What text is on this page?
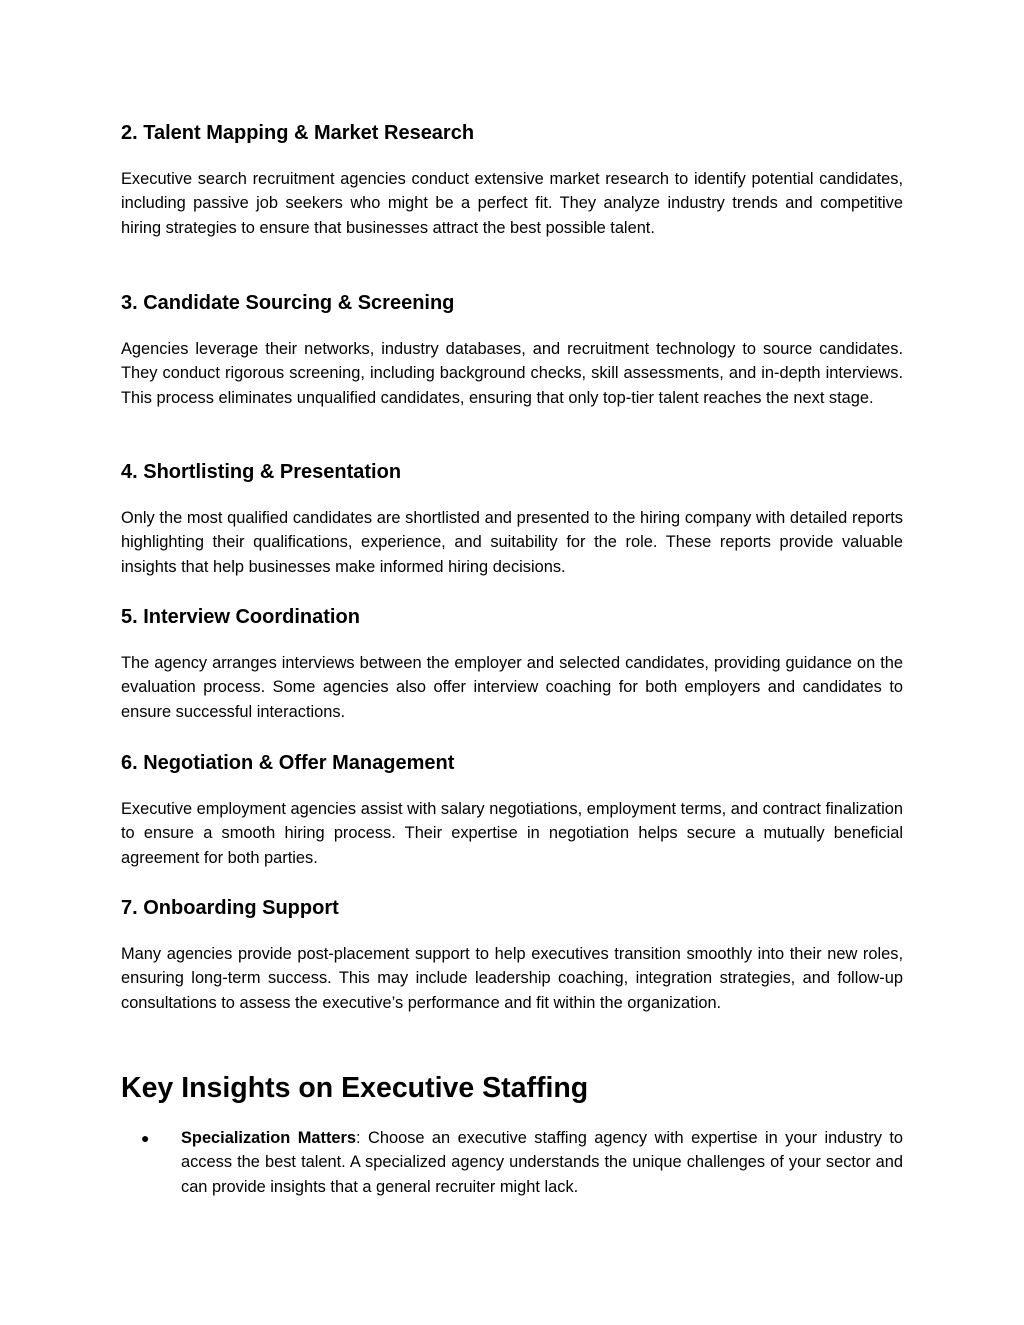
2. Talent Mapping & Market Research

Executive search recruitment agencies conduct extensive market research to identify potential candidates, including passive job seekers who might be a perfect fit. They analyze industry trends and competitive hiring strategies to ensure that businesses attract the best possible talent.

3. Candidate Sourcing & Screening

Agencies leverage their networks, industry databases, and recruitment technology to source candidates. They conduct rigorous screening, including background checks, skill assessments, and in-depth interviews. This process eliminates unqualified candidates, ensuring that only top-tier talent reaches the next stage.

4. Shortlisting & Presentation

Only the most qualified candidates are shortlisted and presented to the hiring company with detailed reports highlighting their qualifications, experience, and suitability for the role. These reports provide valuable insights that help businesses make informed hiring decisions.

5. Interview Coordination

The agency arranges interviews between the employer and selected candidates, providing guidance on the evaluation process. Some agencies also offer interview coaching for both employers and candidates to ensure successful interactions.

6. Negotiation & Offer Management

Executive employment agencies assist with salary negotiations, employment terms, and contract finalization to ensure a smooth hiring process. Their expertise in negotiation helps secure a mutually beneficial agreement for both parties.

7. Onboarding Support

Many agencies provide post-placement support to help executives transition smoothly into their new roles, ensuring long-term success. This may include leadership coaching, integration strategies, and follow-up consultations to assess the executive’s performance and fit within the organization.

Key Insights on Executive Staffing
● Specialization Matters: Choose an executive staffing agency with expertise in your industry to access the best talent. A specialized agency understands the unique challenges of your sector and can provide insights that a general recruiter might lack.
